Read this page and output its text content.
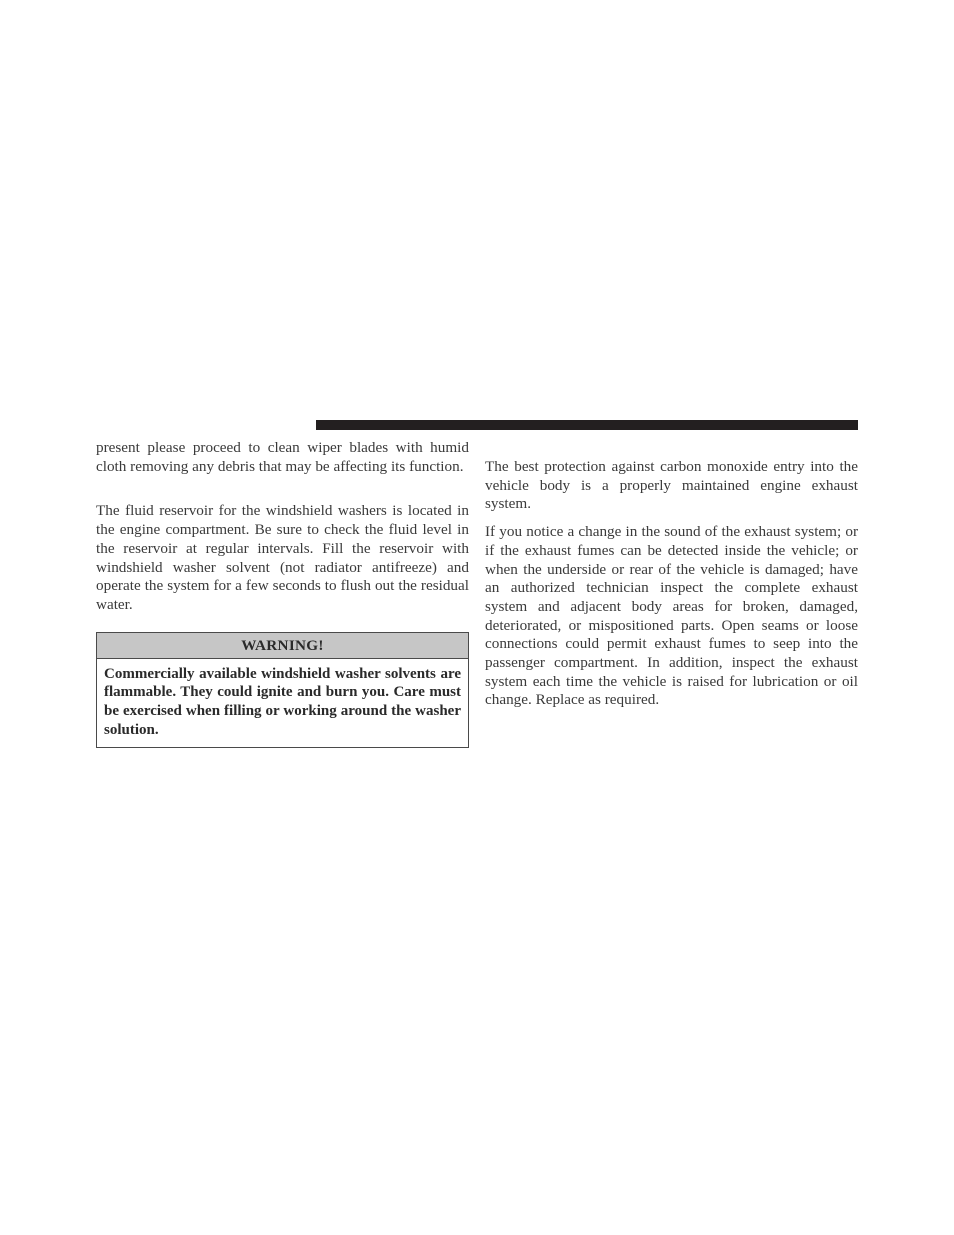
present please proceed to clean wiper blades with humid cloth removing any debris that may be affecting its function.

The fluid reservoir for the windshield washers is located in the engine compartment. Be sure to check the fluid level in the reservoir at regular intervals. Fill the reservoir with windshield washer solvent (not radiator antifreeze) and operate the system for a few seconds to flush out the residual water.

WARNING!
Commercially available windshield washer solvents are flammable. They could ignite and burn you. Care must be exercised when filling or working around the washer solution.

The best protection against carbon monoxide entry into the vehicle body is a properly maintained engine exhaust system.

If you notice a change in the sound of the exhaust system; or if the exhaust fumes can be detected inside the vehicle; or when the underside or rear of the vehicle is damaged; have an authorized technician inspect the complete exhaust system and adjacent body areas for broken, damaged, deteriorated, or mispositioned parts. Open seams or loose connections could permit exhaust fumes to seep into the passenger compartment. In addition, inspect the exhaust system each time the vehicle is raised for lubrication or oil change. Replace as required.
